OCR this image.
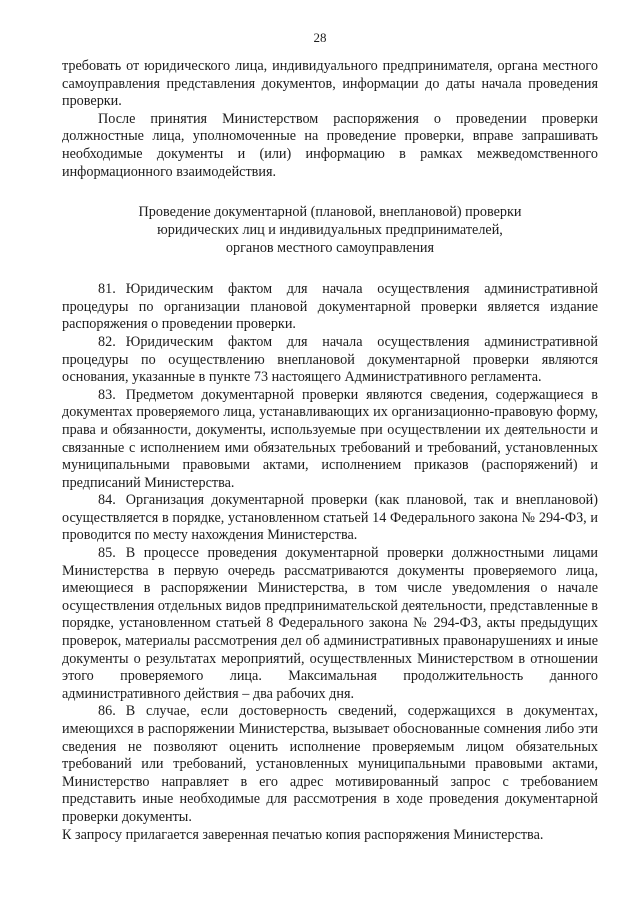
28

требовать от юридического лица, индивидуального предпринимателя, органа местного самоуправления представления документов, информации до даты начала проведения проверки.

После принятия Министерством распоряжения о проведении проверки должностные лица, уполномоченные на проведение проверки, вправе запрашивать необходимые документы и (или) информацию в рамках межведомственного информационного взаимодействия.

Проведение документарной (плановой, внеплановой) проверки
юридических лиц и индивидуальных предпринимателей,
органов местного самоуправления

81. Юридическим фактом для начала осуществления административной процедуры по организации плановой документарной проверки является издание распоряжения о проведении проверки.

82. Юридическим фактом для начала осуществления административной процедуры по осуществлению внеплановой документарной проверки являются основания, указанные в пункте 73 настоящего Административного регламента.

83. Предметом документарной проверки являются сведения, содержащиеся в документах проверяемого лица, устанавливающих их организационно-правовую форму, права и обязанности, документы, используемые при осуществлении их деятельности и связанные с исполнением ими обязательных требований и требований, установленных муниципальными правовыми актами, исполнением приказов (распоряжений) и предписаний Министерства.

84. Организация документарной проверки (как плановой, так и внеплановой) осуществляется в порядке, установленном статьей 14 Федерального закона № 294-ФЗ, и проводится по месту нахождения Министерства.

85. В процессе проведения документарной проверки должностными лицами Министерства в первую очередь рассматриваются документы проверяемого лица, имеющиеся в распоряжении Министерства, в том числе уведомления о начале осуществления отдельных видов предпринимательской деятельности, представленные в порядке, установленном статьей 8 Федерального закона № 294-ФЗ, акты предыдущих проверок, материалы рассмотрения дел об административных правонарушениях и иные документы о результатах мероприятий, осуществленных Министерством в отношении этого проверяемого лица. Максимальная продолжительность данного административного действия – два рабочих дня.

86. В случае, если достоверность сведений, содержащихся в документах, имеющихся в распоряжении Министерства, вызывает обоснованные сомнения либо эти сведения не позволяют оценить исполнение проверяемым лицом обязательных требований или требований, установленных муниципальными правовыми актами, Министерство направляет в его адрес мотивированный запрос с требованием представить иные необходимые для рассмотрения в ходе проведения документарной проверки документы.

К запросу прилагается заверенная печатью копия распоряжения Министерства.
